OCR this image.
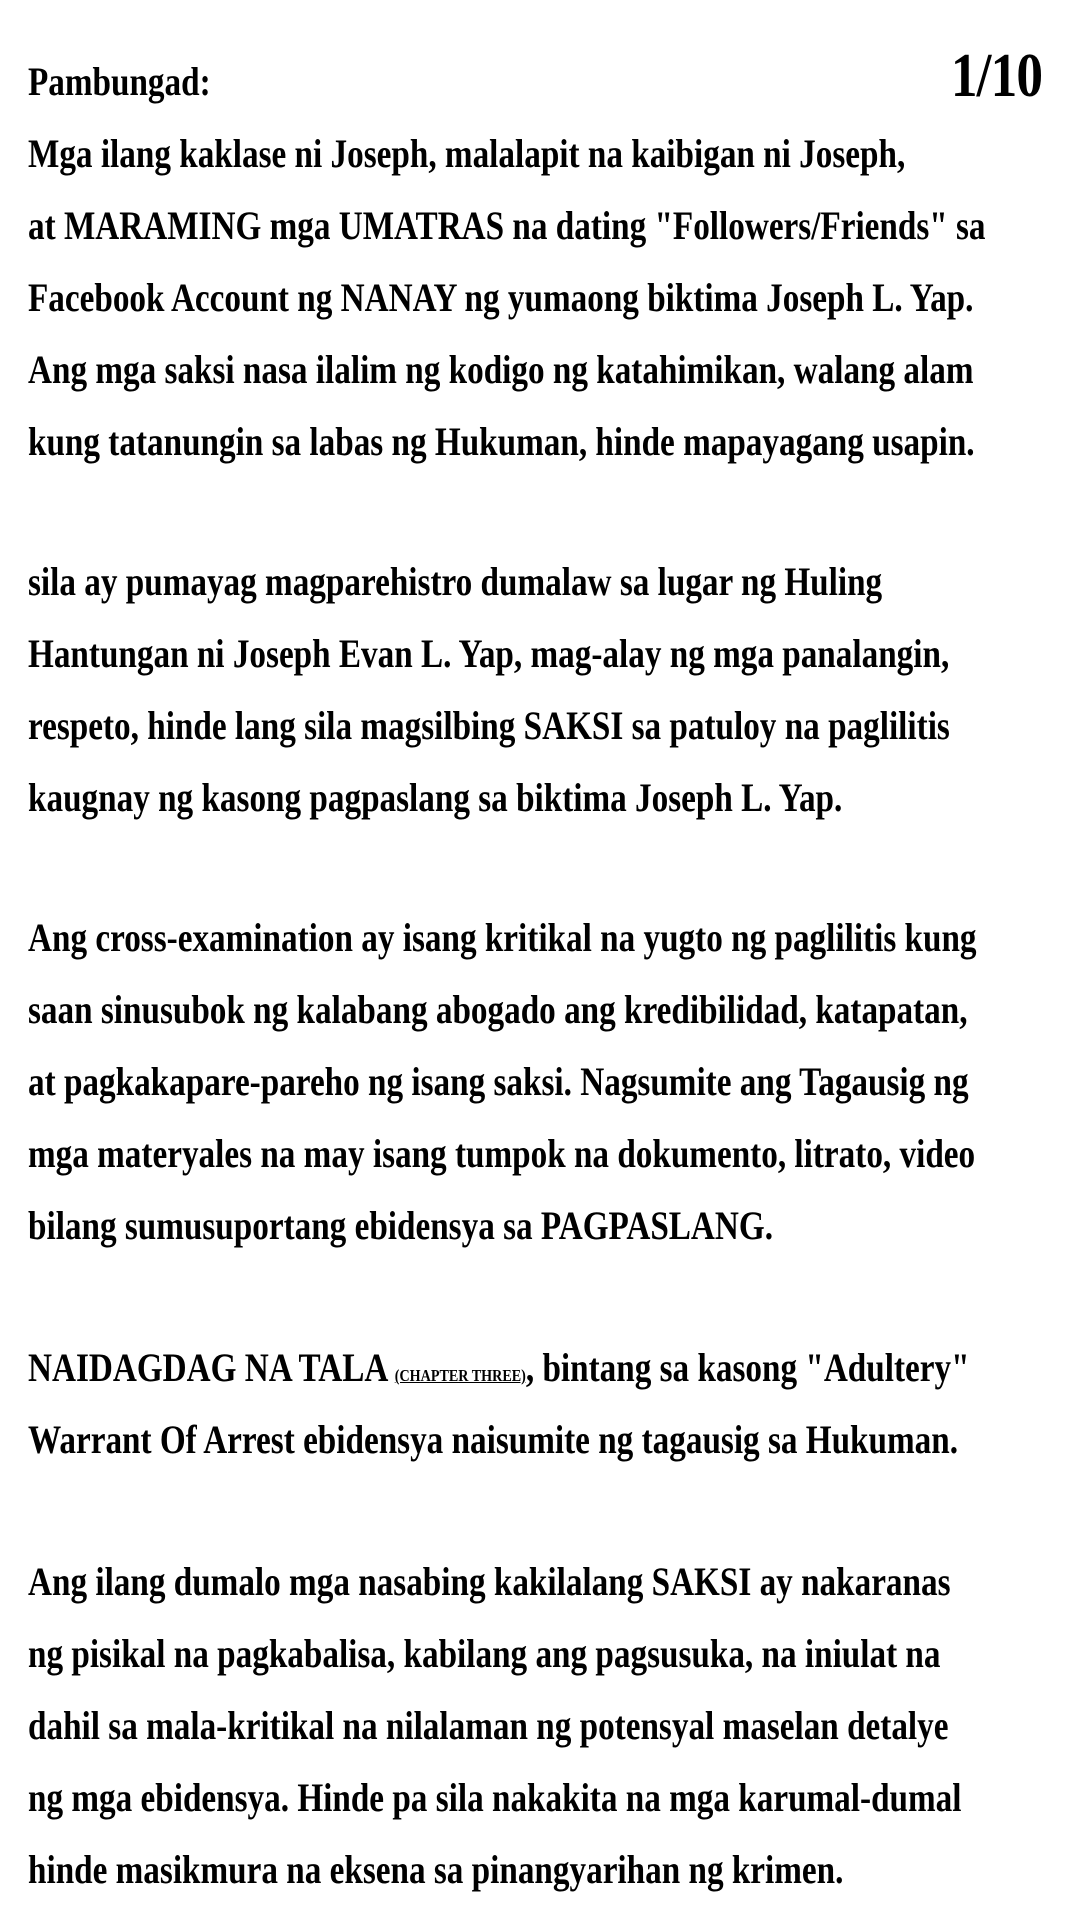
1/10
Pambungad:
Mga ilang kaklase ni Joseph, malalapit na kaibigan ni Joseph,
at MARAMING mga UMATRAS na dating "Followers/Friends" sa
Facebook Account ng NANAY ng yumaong biktima Joseph L. Yap.
Ang mga saksi nasa ilalim ng kodigo ng katahimikan, walang alam
kung tatanungin sa labas ng Hukuman, hinde mapayagang usapin.
sila ay pumayag magparehistro dumalaw sa lugar ng Huling
Hantungan ni Joseph Evan L. Yap, mag-alay ng mga panalangin,
respeto, hinde lang sila magsilbing SAKSI sa patuloy na paglilitis
kaugnay ng kasong pagpaslang sa biktima Joseph L. Yap.
Ang cross-examination ay isang kritikal na yugto ng paglilitis kung
saan sinusubok ng kalabang abogado ang kredibilidad, katapatan,
at pagkakapare-pareho ng isang saksi. Nagsumite ang Tagausig ng
mga materyales na may isang tumpok na dokumento, litrato, video
bilang sumusuportang ebidensya sa PAGPASLANG.
NAIDAGDAG NA TALA (CHAPTER THREE), bintang sa kasong "Adultery"
Warrant Of Arrest ebidensya naisumite ng tagausig sa Hukuman.
Ang ilang dumalo mga nasabing kakilalang SAKSI ay nakaranas
ng pisikal na pagkabalisa, kabilang ang pagsusuka, na iniulat na
dahil sa mala-kritikal na nilalaman ng potensyal maselan detalye
ng mga ebidensya. Hinde pa sila nakakita na mga karumal-dumal
hinde masikmura na eksena sa pinangyarihan ng krimen.
